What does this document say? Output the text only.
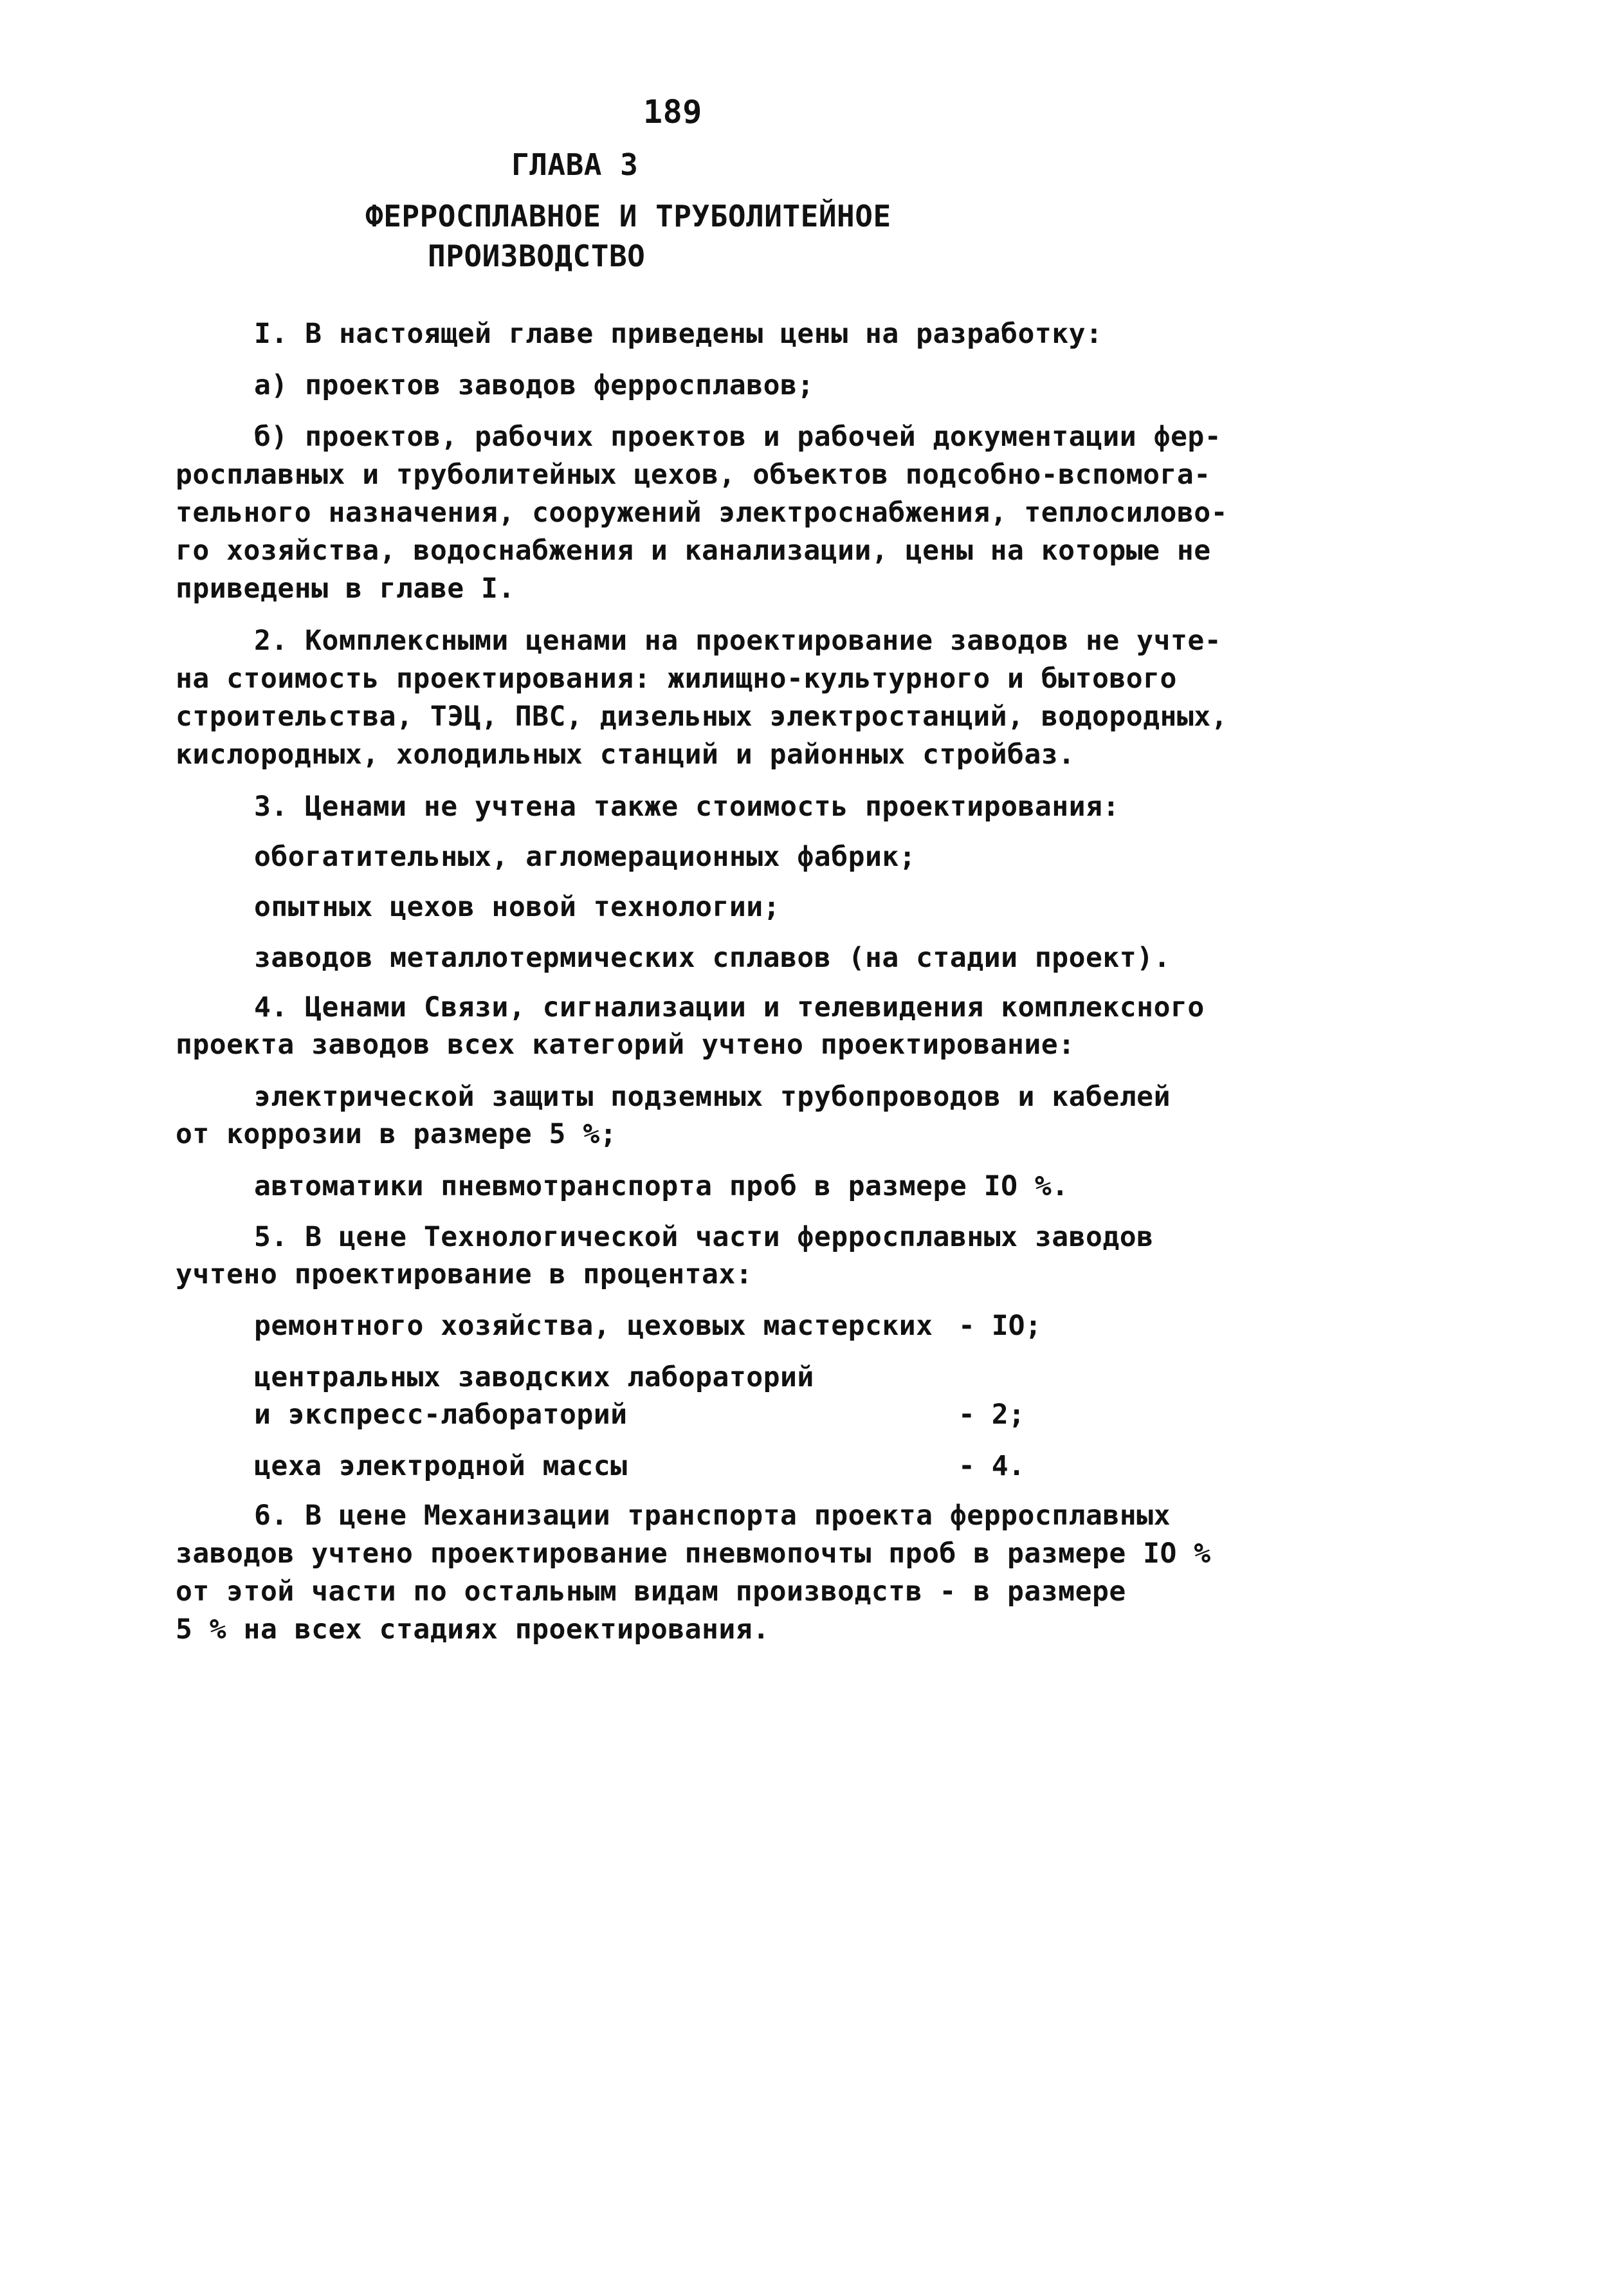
189
ГЛАВА 3
ФЕРРОСПЛАВНОЕ И ТРУБОЛИТЕЙНОЕ
ПРОИЗВОДСТВО
I. В настоящей главе приведены цены на разработку:
а) проектов заводов ферросплавов;
б) проектов, рабочих проектов и рабочей документации фер-
росплавных и труболитейных цехов, объектов подсобно-вспомога-
тельного назначения, сооружений электроснабжения, теплосилово-
го хозяйства, водоснабжения и канализации, цены на которые не
приведены в главе I.
2. Комплексными ценами на проектирование заводов не учте-
на стоимость проектирования: жилищно-культурного и бытового
строительства, ТЭЦ, ПВС, дизельных электростанций, водородных,
кислородных, холодильных станций и районных стройбаз.
3. Ценами не учтена также стоимость проектирования:
обогатительных, агломерационных фабрик;
опытных цехов новой технологии;
заводов металлотермических сплавов (на стадии проект).
4. Ценами Связи, сигнализации и телевидения комплексного
проекта заводов всех категорий учтено проектирование:
электрической защиты подземных трубопроводов и кабелей
от коррозии в размере 5 %;
автоматики пневмотранспорта проб в размере IO %.
5. В цене Технологической части ферросплавных заводов
учтено проектирование в процентах:
ремонтного хозяйства, цеховых мастерских - IO;
центральных заводских лабораторий
и экспресс-лабораторий	- 2;
цеха электродной массы	- 4.
6. В цене Механизации транспорта проекта ферросплавных
заводов учтено проектирование пневмопочты проб в размере IO %
от этой части по остальным видам производств - в размере
5 % на всех стадиях проектирования.
